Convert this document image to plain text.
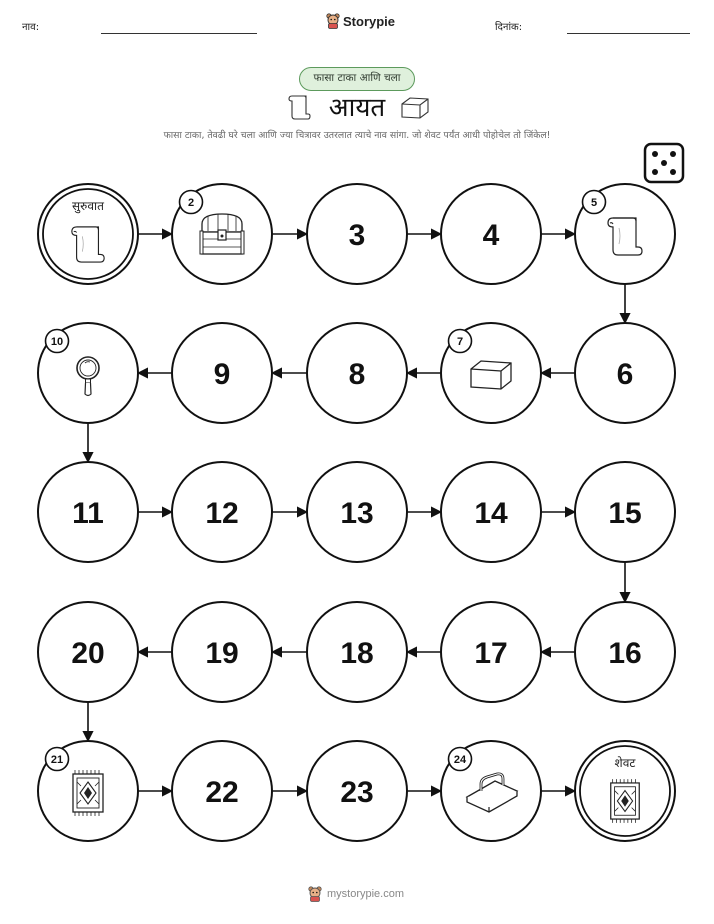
नाव:	Storypie	दिनांक:
फासा टाका आणि चला
आयत
फासा टाका, तेवढी घरे चला आणि ज्या चित्रावर उतरलात त्याचे नाव सांगा. जो शेवट पर्यंत आधी पोहोचेल तो जिंकेल!
सुरुवात	2
3	4
5
6
7
8
9
10
11	12	13	14	15
16
17
18
19
20
21
22	23
24	शेवट
mystorypie.com
